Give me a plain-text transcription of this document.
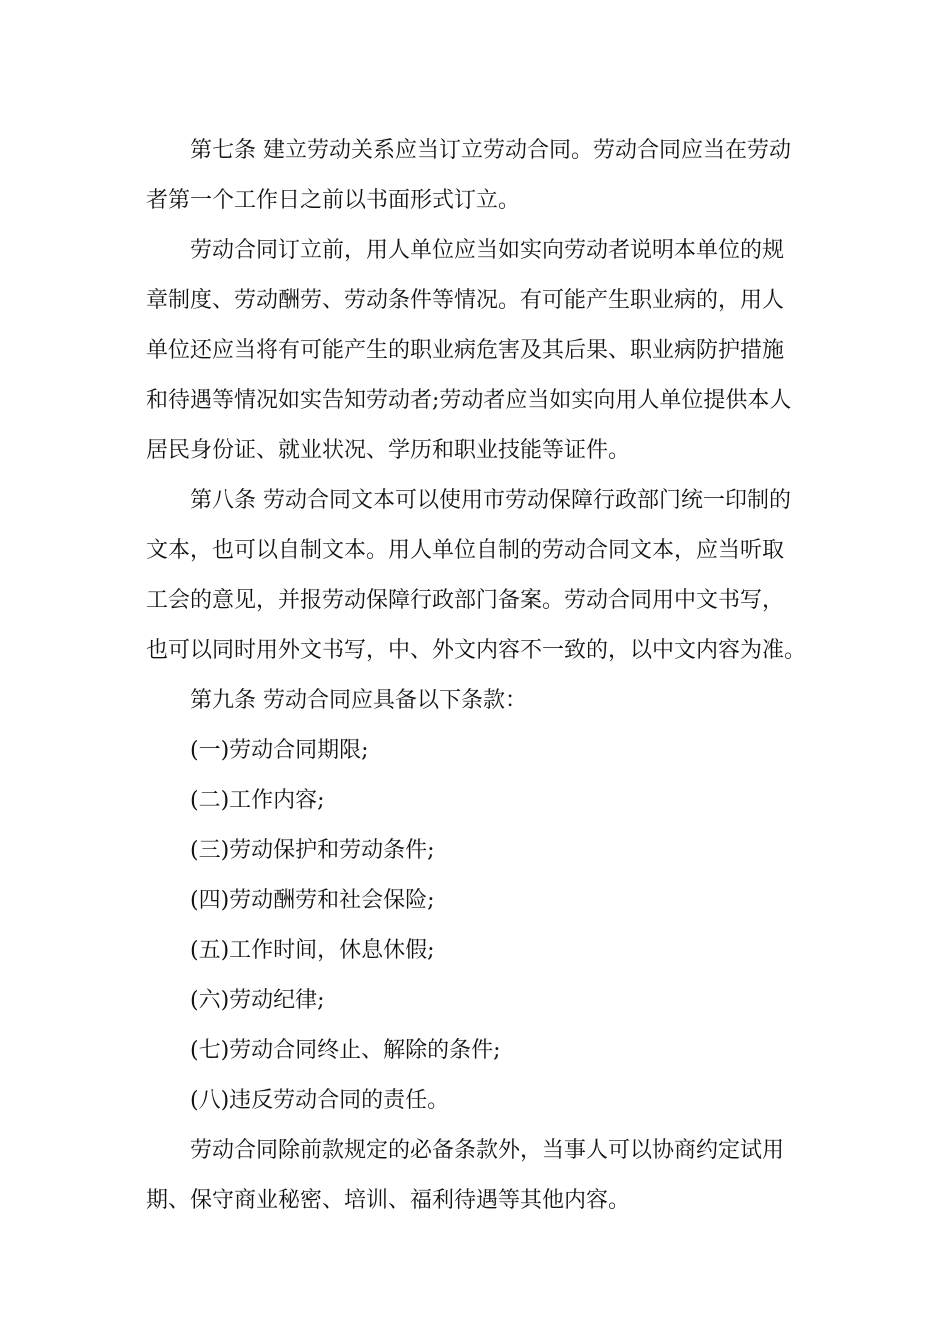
第七条 建立劳动关系应当订立劳动合同。劳动合同应当在劳动
者第一个工作日之前以书面形式订立。
劳动合同订立前，用人单位应当如实向劳动者说明本单位的规
章制度、劳动酬劳、劳动条件等情况。有可能产生职业病的，用人
单位还应当将有可能产生的职业病危害及其后果、职业病防护措施
和待遇等情况如实告知劳动者;劳动者应当如实向用人单位提供本人
居民身份证、就业状况、学历和职业技能等证件。
第八条 劳动合同文本可以使用市劳动保障行政部门统一印制的
文本，也可以自制文本。用人单位自制的劳动合同文本，应当听取
工会的意见，并报劳动保障行政部门备案。劳动合同用中文书写，
也可以同时用外文书写，中、外文内容不一致的，以中文内容为准。
第九条 劳动合同应具备以下条款：
(一)劳动合同期限;
(二)工作内容;
(三)劳动保护和劳动条件;
(四)劳动酬劳和社会保险;
(五)工作时间，休息休假;
(六)劳动纪律;
(七)劳动合同终止、解除的条件;
(八)违反劳动合同的责任。
劳动合同除前款规定的必备条款外，当事人可以协商约定试用
期、保守商业秘密、培训、福利待遇等其他内容。
